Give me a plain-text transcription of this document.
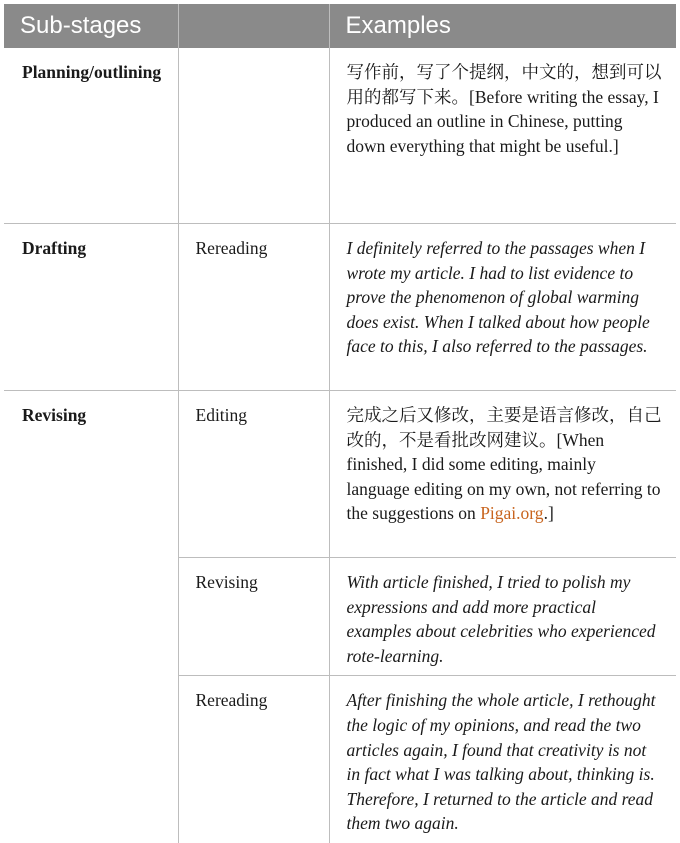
Sub-stages		Examples
Planning/outlining		写作前，写了个提纲，中文的，想到可以用的都写下来。[Before writing the essay, I produced an outline in Chinese, putting down everything that might be useful.]
Drafting	Rereading	I definitely referred to the passages when I wrote my article. I had to list evidence to prove the phenomenon of global warming does exist. When I talked about how people face to this, I also referred to the passages.
Revising	Editing	完成之后又修改，主要是语言修改，自己改的，不是看批改网建议。[When finished, I did some editing, mainly language editing on my own, not referring to the suggestions on Pigai.org.]
	Revising	With article finished, I tried to polish my expressions and add more practical examples about celebrities who experienced rote-learning.
	Rereading	After finishing the whole article, I rethought the logic of my opinions, and read the two articles again, I found that creativity is not in fact what I was talking about, thinking is. Therefore, I returned to the article and read them two again.
